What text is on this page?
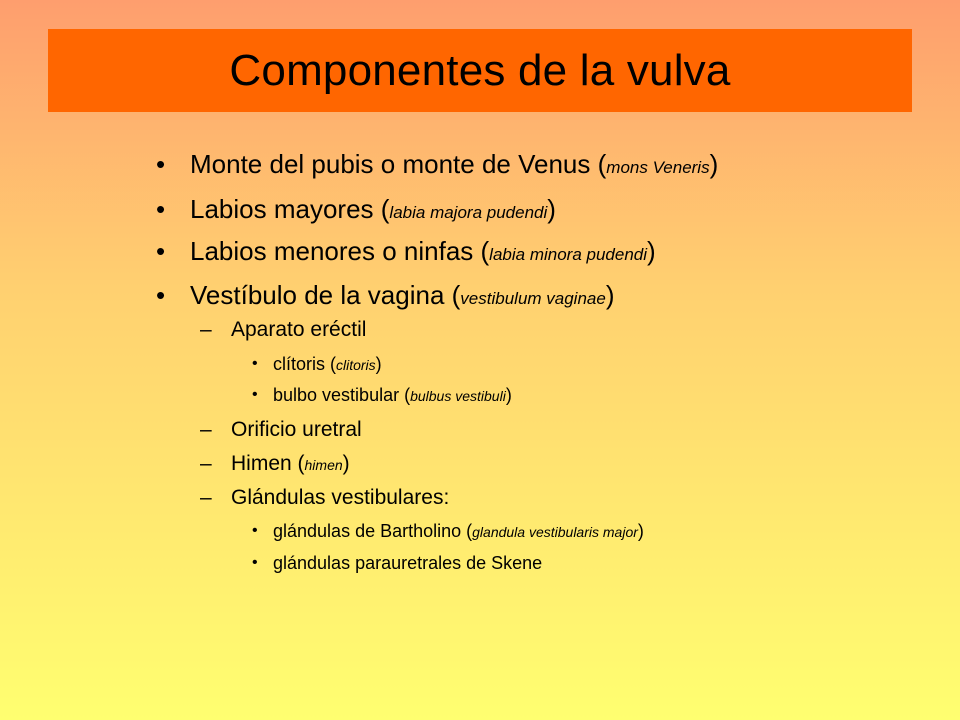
Componentes de la vulva
• Monte del pubis o monte de Venus (mons Veneris)
• Labios mayores (labia majora pudendi)
• Labios menores o ninfas (labia minora pudendi)
• Vestíbulo de la vagina (vestibulum vaginae)
– Aparato eréctil
• clítoris (clitoris)
• bulbo vestibular (bulbus vestibuli)
– Orificio uretral
– Himen (himen)
– Glándulas vestibulares:
• glándulas de Bartholino (glandula vestibularis major)
• glándulas parauretrales de Skene
